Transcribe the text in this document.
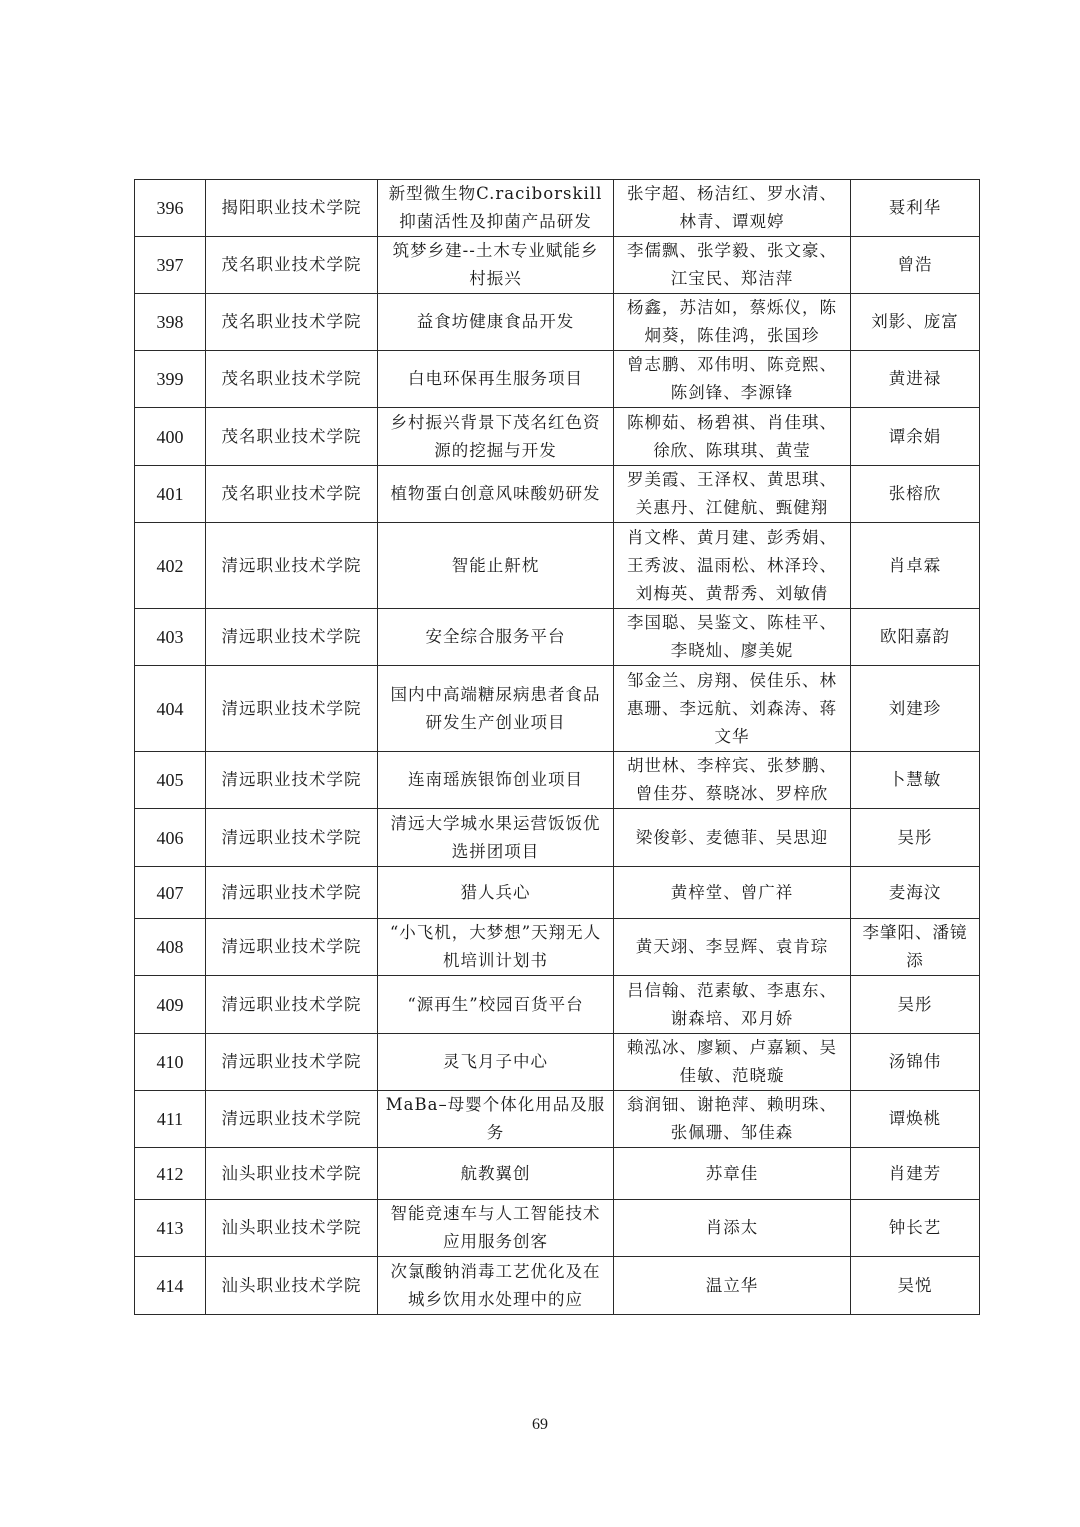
396	揭阳职业技术学院	新型微生物C.raciborskill抑菌活性及抑菌产品研发	张宇超、杨洁红、罗水清、林青、谭观婷	聂利华
397	茂名职业技术学院	筑梦乡建--土木专业赋能乡村振兴	李儒飘、张学毅、张文豪、江宝民、郑洁萍	曾浩
398	茂名职业技术学院	益食坊健康食品开发	杨鑫，苏洁如，蔡烁仪，陈炯葵，陈佳鸿，张国珍	刘影、庞富
399	茂名职业技术学院	白电环保再生服务项目	曾志鹏、邓伟明、陈竞熙、陈剑锋、李源锋	黄进禄
400	茂名职业技术学院	乡村振兴背景下茂名红色资源的挖掘与开发	陈柳茹、杨碧祺、肖佳琪、徐欣、陈琪琪、黄莹	谭余娟
401	茂名职业技术学院	植物蛋白创意风味酸奶研发	罗美霞、王泽权、黄思琪、关惠丹、江健航、甄健翔	张榕欣
402	清远职业技术学院	智能止鼾枕	肖文桦、黄月建、彭秀娟、王秀波、温雨松、林泽玲、刘梅英、黄帮秀、刘敏倩	肖卓霖
403	清远职业技术学院	安全综合服务平台	李国聪、吴鉴文、陈桂平、李晓灿、廖美妮	欧阳嘉韵
404	清远职业技术学院	国内中高端糖尿病患者食品研发生产创业项目	邹金兰、房翔、侯佳乐、林惠珊、李远航、刘森涛、蒋文华	刘建珍
405	清远职业技术学院	连南瑶族银饰创业项目	胡世林、李梓宾、张梦鹏、曾佳芬、蔡晓冰、罗梓欣	卜慧敏
406	清远职业技术学院	清远大学城水果运营饭饭优选拼团项目	梁俊彰、麦德菲、吴思迎	吴彤
407	清远职业技术学院	猎人兵心	黄梓堂、曾广祥	麦海汶
408	清远职业技术学院	“小飞机，大梦想”天翔无人机培训计划书	黄天翊、李昱辉、袁肯琮	李肇阳、潘镜添
409	清远职业技术学院	“源再生”校园百货平台	吕信翰、范素敏、李惠东、谢森培、邓月娇	吴彤
410	清远职业技术学院	灵飞月子中心	赖泓冰、廖颖、卢嘉颖、吴佳敏、范晓璇	汤锦伟
411	清远职业技术学院	MaBa–母婴个体化用品及服务	翁润钿、谢艳萍、赖明珠、张佩珊、邹佳森	谭焕桃
412	汕头职业技术学院	航教翼创	苏章佳	肖建芳
413	汕头职业技术学院	智能竞速车与人工智能技术应用服务创客	肖添太	钟长艺
414	汕头职业技术学院	次氯酸钠消毒工艺优化及在城乡饮用水处理中的应	温立华	吴悦
69
